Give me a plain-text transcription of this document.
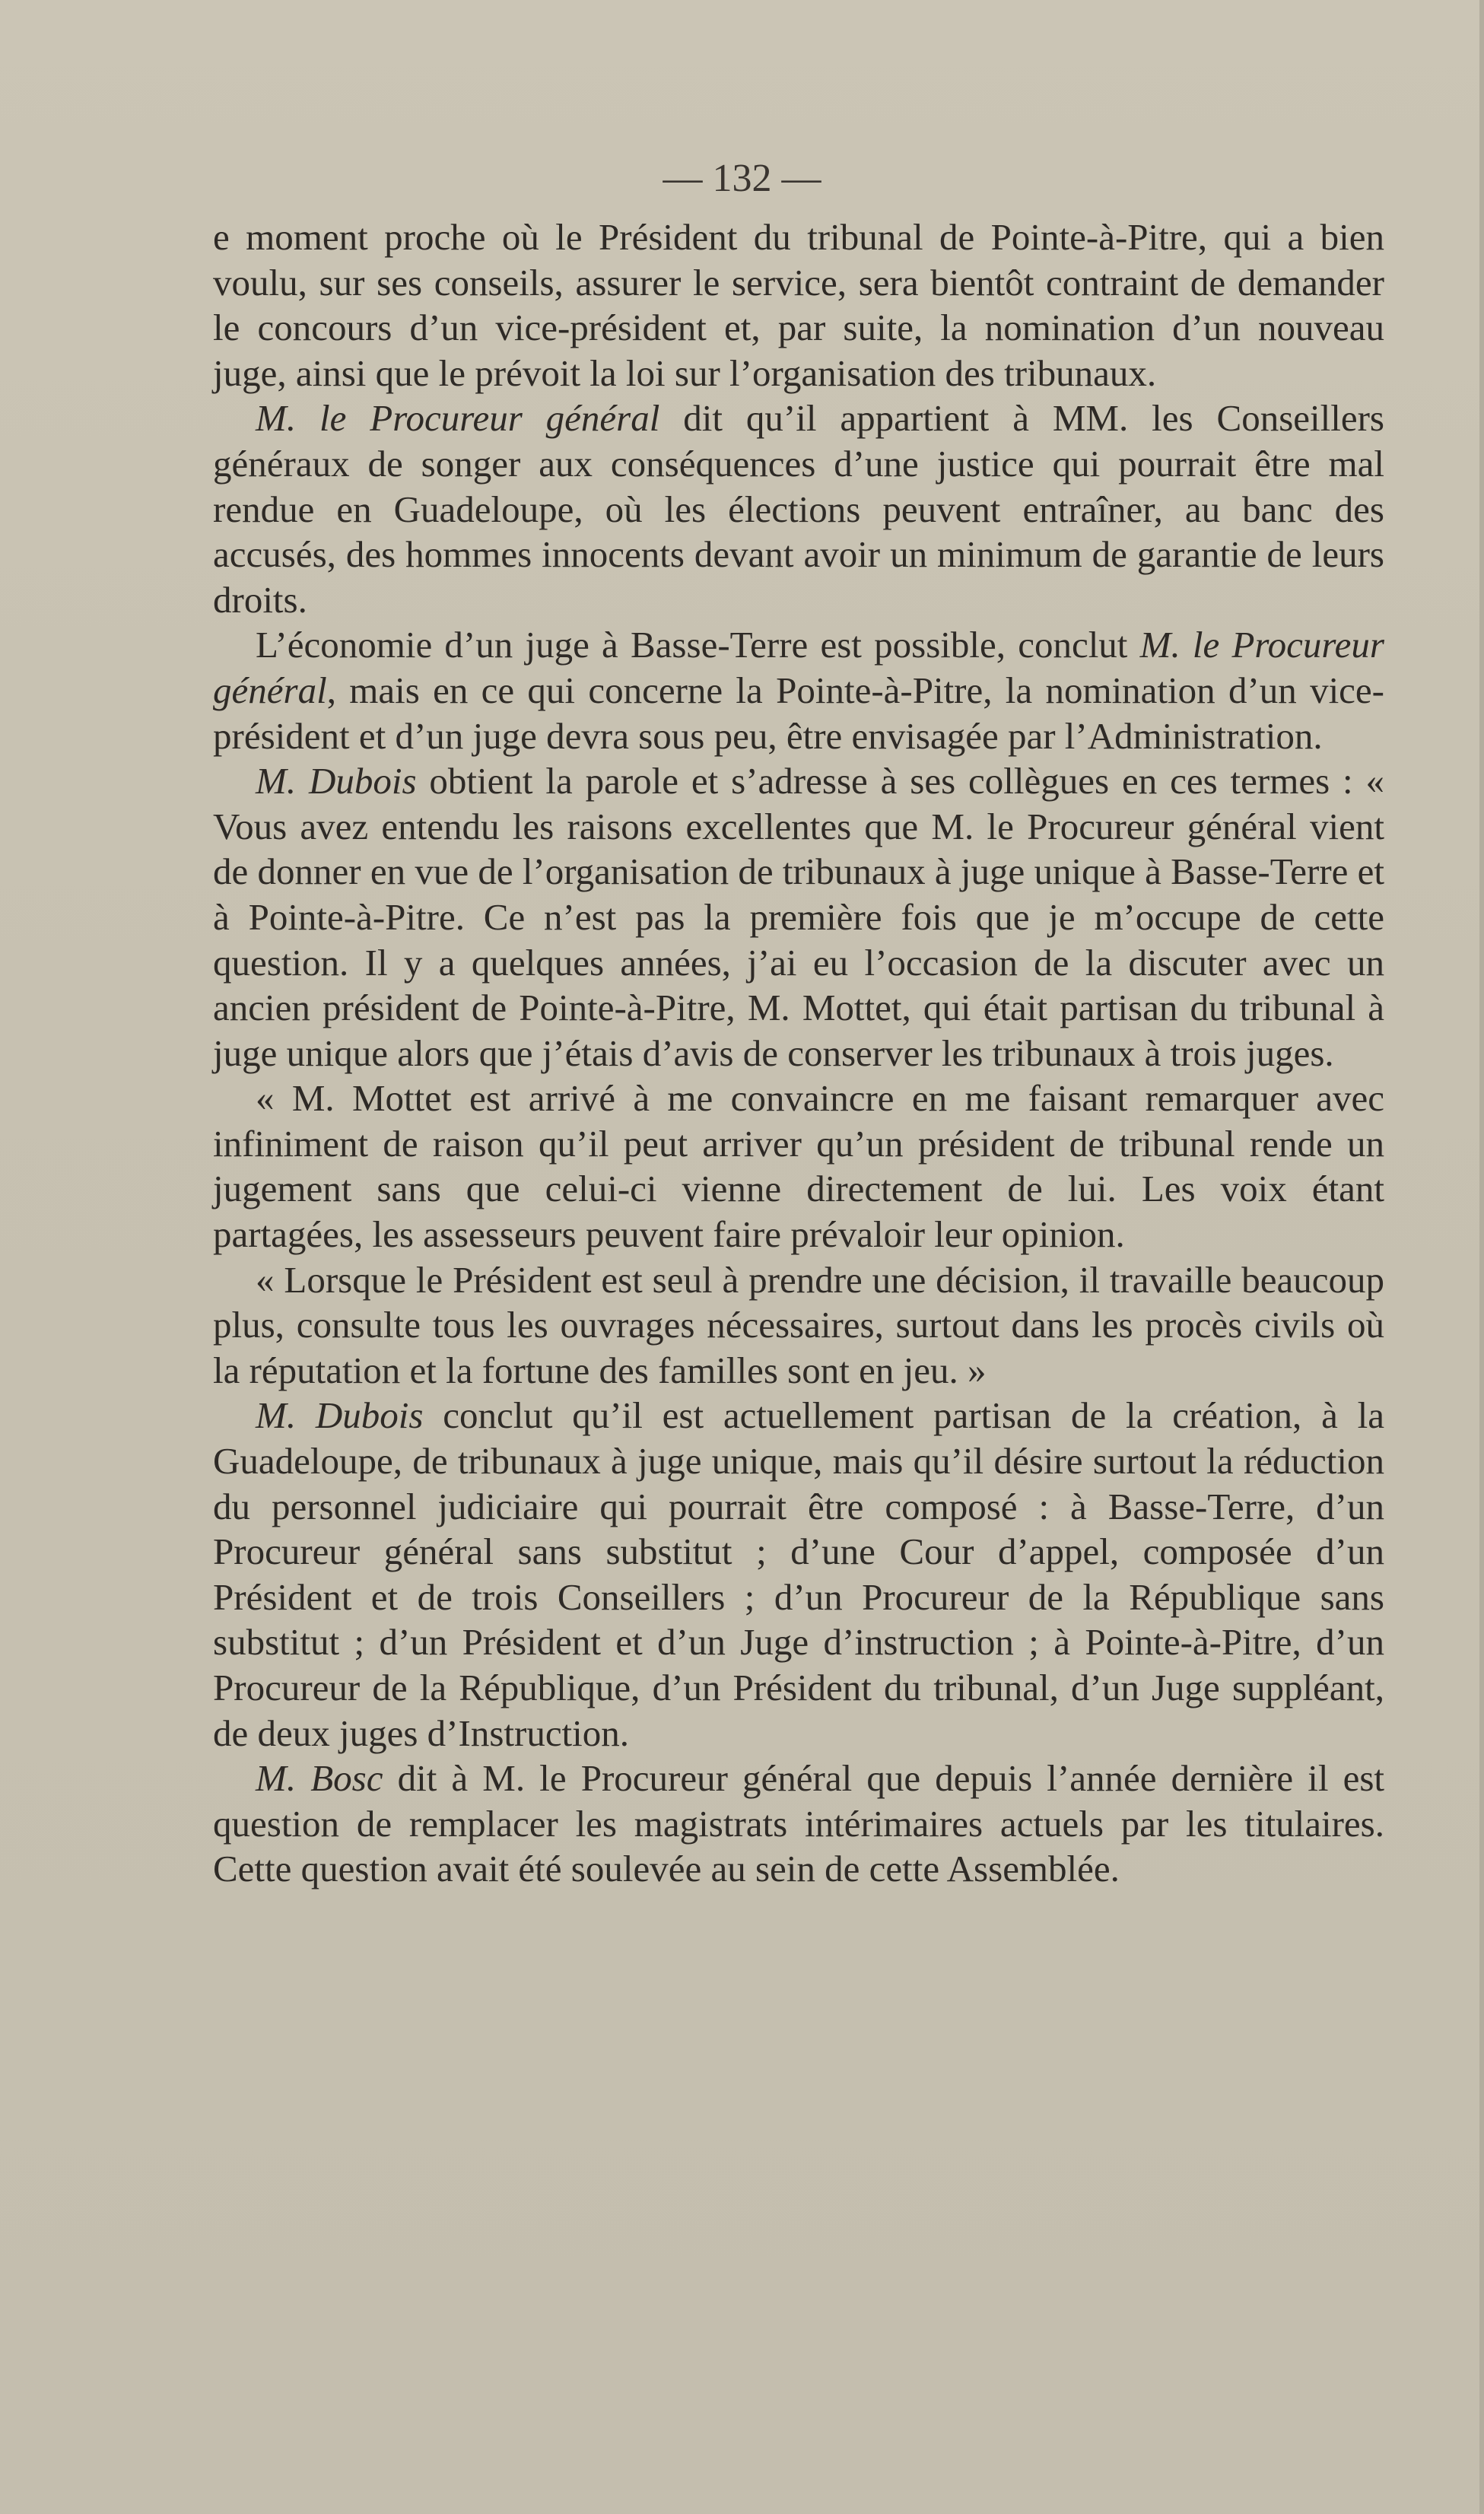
— 132 —

e moment proche où le Président du tribunal de Pointe-à-Pitre, qui a bien voulu, sur ses conseils, assurer le service, sera bientôt contraint de demander le concours d’un vice-président et, par suite, la nomination d’un nouveau juge, ainsi que le prévoit la loi sur l’organisation des tribunaux.

M. le Procureur général dit qu’il appartient à MM. les Conseillers généraux de songer aux conséquences d’une justice qui pourrait être mal rendue en Guadeloupe, où les élections peuvent entraîner, au banc des accusés, des hommes innocents devant avoir un minimum de garantie de leurs droits.

L’économie d’un juge à Basse-Terre est possible, conclut M. le Procureur général, mais en ce qui concerne la Pointe-à-Pitre, la nomination d’un vice-président et d’un juge devra sous peu, être envisagée par l’Administration.

M. Dubois obtient la parole et s’adresse à ses collègues en ces termes : « Vous avez entendu les raisons excellentes que M. le Procureur général vient de donner en vue de l’organisation de tribunaux à juge unique à Basse-Terre et à Pointe-à-Pitre. Ce n’est pas la première fois que je m’occupe de cette question. Il y a quelques années, j’ai eu l’occasion de la discuter avec un ancien président de Pointe-à-Pitre, M. Mottet, qui était partisan du tribunal à juge unique alors que j’étais d’avis de conserver les tribunaux à trois juges.

« M. Mottet est arrivé à me convaincre en me faisant remarquer avec infiniment de raison qu’il peut arriver qu’un président de tribunal rende un jugement sans que celui-ci vienne directement de lui. Les voix étant partagées, les assesseurs peuvent faire prévaloir leur opinion.

« Lorsque le Président est seul à prendre une décision, il travaille beaucoup plus, consulte tous les ouvrages nécessaires, surtout dans les procès civils où la réputation et la fortune des familles sont en jeu. »

M. Dubois conclut qu’il est actuellement partisan de la création, à la Guadeloupe, de tribunaux à juge unique, mais qu’il désire surtout la réduction du personnel judiciaire qui pourrait être composé : à Basse-Terre, d’un Procureur général sans substitut ; d’une Cour d’appel, composée d’un Président et de trois Conseillers ; d’un Procureur de la République sans substitut ; d’un Président et d’un Juge d’instruction ; à Pointe-à-Pitre, d’un Procureur de la République, d’un Président du tribunal, d’un Juge suppléant, de deux juges d’Instruction.

M. Bosc dit à M. le Procureur général que depuis l’année dernière il est question de remplacer les magistrats intérimaires actuels par les titulaires. Cette question avait été soulevée au sein de cette Assemblée.
